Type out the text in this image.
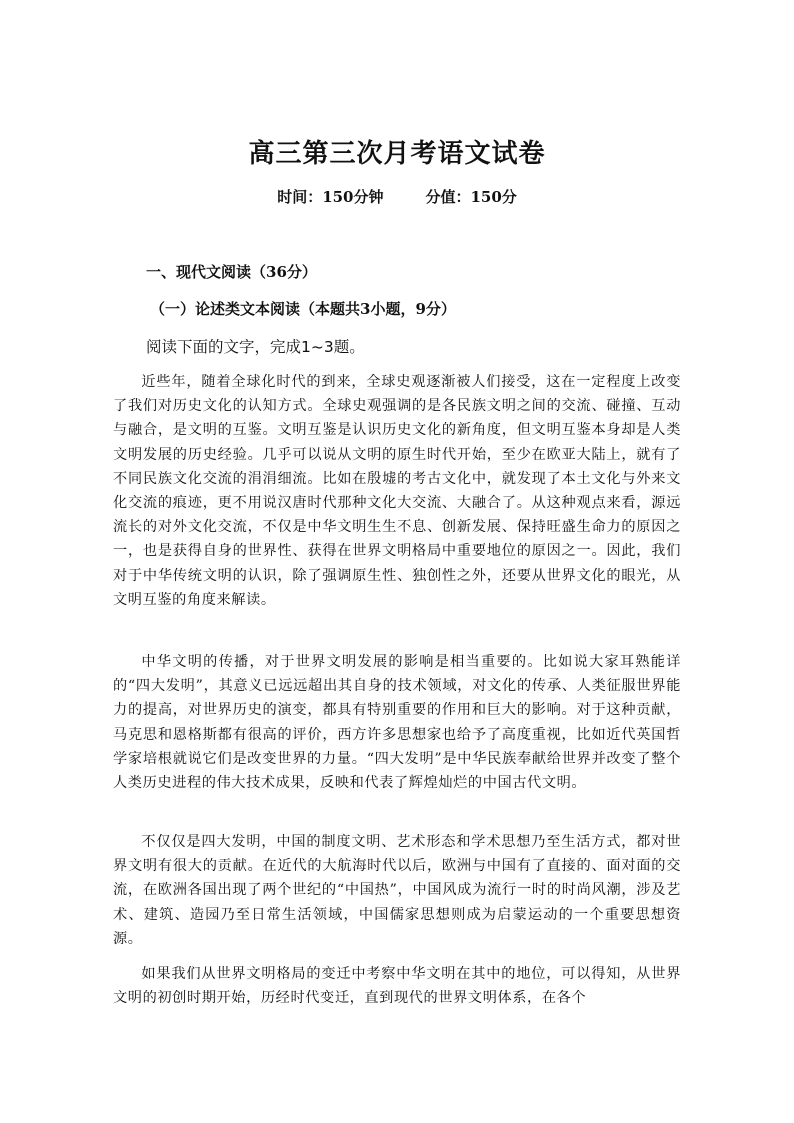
高三第三次月考语文试卷
时间：150分钟	分值：150分
一、现代文阅读（36分）
（一）论述类文本阅读（本题共3小题，9分）
阅读下面的文字，完成1~3题。

近些年，随着全球化时代的到来，全球史观逐渐被人们接受，这在一定程度上改变了我们对历史文化的认知方式。全球史观强调的是各民族文明之间的交流、碰撞、互动与融合，是文明的互鉴。文明互鉴是认识历史文化的新角度，但文明互鉴本身却是人类文明发展的历史经验。几乎可以说从文明的原生时代开始，至少在欧亚大陆上，就有了不同民族文化交流的涓涓细流。比如在殷墟的考古文化中，就发现了本土文化与外来文化交流的痕迹，更不用说汉唐时代那种文化大交流、大融合了。从这种观点来看，源远流长的对外文化交流，不仅是中华文明生生不息、创新发展、保持旺盛生命力的原因之一，也是获得自身的世界性、获得在世界文明格局中重要地位的原因之一。因此，我们对于中华传统文明的认识，除了强调原生性、独创性之外，还要从世界文化的眼光，从文明互鉴的角度来解读。

中华文明的传播，对于世界文明发展的影响是相当重要的。比如说大家耳熟能详的“四大发明”，其意义已远远超出其自身的技术领域，对文化的传承、人类征服世界能力的提高，对世界历史的演变，都具有特别重要的作用和巨大的影响。对于这种贡献，马克思和恩格斯都有很高的评价，西方许多思想家也给予了高度重视，比如近代英国哲学家培根就说它们是改变世界的力量。“四大发明”是中华民族奉献给世界并改变了整个人类历史进程的伟大技术成果，反映和代表了辉煌灿烂的中国古代文明。

不仅仅是四大发明，中国的制度文明、艺术形态和学术思想乃至生活方式，都对世界文明有很大的贡献。在近代的大航海时代以后，欧洲与中国有了直接的、面对面的交流，在欧洲各国出现了两个世纪的“中国热”，中国风成为流行一时的时尚风潮，涉及艺术、建筑、造园乃至日常生活领域，中国儒家思想则成为启蒙运动的一个重要思想资源。

如果我们从世界文明格局的变迁中考察中华文明在其中的地位，可以得知，从世界文明的初创时期开始，历经时代变迁，直到现代的世界文明体系，在各个
